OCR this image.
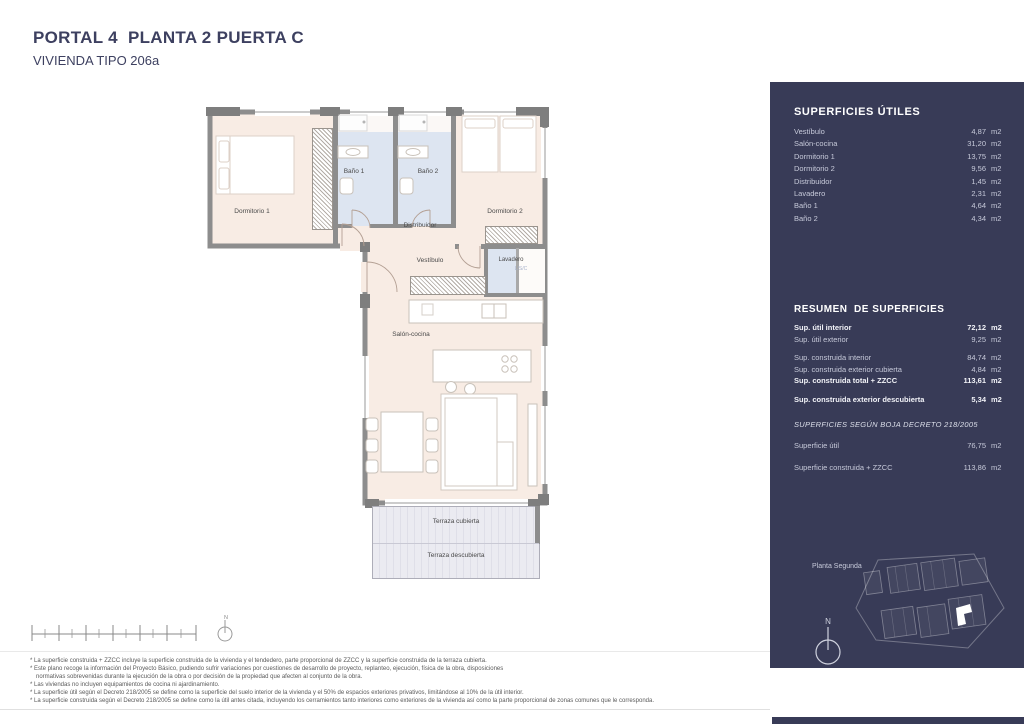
PORTAL 4  PLANTA 2 PUERTA C
VIVIENDA TIPO 206a
Dormitorio 1	Dormitorio 2
Baño 1	Baño 2
Distribuidor
Vestíbulo	Lavadero
L/S/C
Salón-cocina
Terraza cubierta
Terraza descubierta
SUPERFICIES ÚTILES
Vestíbulo	4,87 m2
Salón-cocina	31,20 m2
Dormitorio 1	13,75 m2
Dormitorio 2	9,56 m2
Distribuidor	1,45 m2
Lavadero	2,31 m2
Baño 1	4,64 m2
Baño 2	4,34 m2
RESUMEN  DE SUPERFICIES
Sup. útil interior	72,12 m2
Sup. útil exterior	9,25 m2
Sup. construida interior	84,74 m2
Sup. construida exterior cubierta	4,84 m2
Sup. construida total + ZZCC	113,61 m2
Sup. construida exterior descubierta	5,34 m2
SUPERFICIES SEGÚN BOJA DECRETO 218/2005
Superficie útil	76,75 m2
Superficie construida + ZZCC	113,86 m2
Planta Segunda
N
N
* La superficie construida + ZZCC incluye la superficie construida de la vivienda y el tendedero, parte proporcional de ZZCC y la superficie construida de la terraza cubierta.
* Este plano recoge la información del Proyecto Básico, pudiendo sufrir variaciones por cuestiones de desarrollo de proyecto, replanteo, ejecución, física de la obra, disposiciones
normativas sobrevenidas durante la ejecución de la obra o por decisión de la propiedad que afecten al conjunto de la obra.
* Las viviendas no incluyen equipamientos de cocina ni ajardinamiento.
* La superficie útil según el Decreto 218/2005 se define como la superficie del suelo interior de la vivienda y el 50% de espacios exteriores privativos, limitándose al 10% de la útil interior.
* La superficie construida según el Decreto 218/2005 se define como la útil antes citada, incluyendo los cerramientos tanto interiores como exteriores de la vivienda así como la parte proporcional de zonas comunes que le corresponda.
